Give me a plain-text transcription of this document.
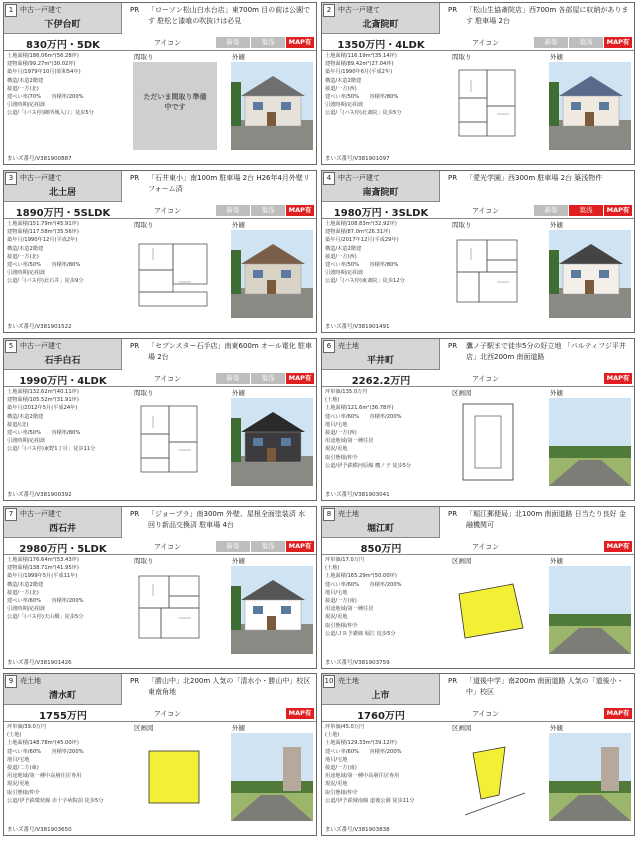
1 中古一戸建て
下伊台町
PR 「ローソン松山白水台店」東700m 目の前は公園です 駐松と漆喰の吹抜けは必見
830万円・5DK	アイコン	新築	築浅	MAP有
土地面積/186.06m²(56.28坪)
建物面積/99.27m²(30.02坪)
築年月/1979年10月(昭和54年)
構造/木造2階建
接道/一方(北)
建ぺい率/70%　　容積率/200%
引渡時期/応相談
公道/「(バス停)御所城入口」徒歩5分
まいズ番号/V381900887
間取り	外観
ただいま間取り準備中です
2 中古一戸建て
北斎院町
PR 「松山生協斎院店」西700m 各部屋に収納があります 駐車場 2台
1350万円・4LDK	アイコン	新築	築浅	MAP有
土地面積/116.19m²(35.14坪)
建物面積/89.42m²(27.04坪)
築年月/1990年6月(平成2年)
構造/木造2階建
接道/一方(西)
建ぺい率/50%　　容積率/80%
引渡時期/応相談
公道/「(バス停)北斎院」徒歩5分
まいズ番号/V381901097
間取り	外観
3 中古一戸建て
北土居
PR 「石井東小」南100m 駐車場 2台 H26年4月外壁リフォーム済
1890万円・5SLDK	アイコン	新築	築浅	MAP有
土地面積/151.79m²(45.91坪)
建物面積/117.58m²(35.56坪)
築年月/1990年12月(平成2年)
構造/木造2階建
接道/一方(北)
建ぺい率/50%　　容積率/80%
引渡時期/応相談
公道/「(バス停)北石井」徒歩9分
まいズ番号/V381901522
間取り	外観
4 中古一戸建て
南斎院町
PR 「愛光学園」西300m 駐車場 2台 築浅物件
1980万円・3SLDK	アイコン	新築	築浅	MAP有
土地面積/108.83m²(32.92坪)
建物面積/87.0m²(26.31坪)
築年月/2017年12月(平成29年)
構造/木造2階建
接道/一方(西)
建ぺい率/50%　　容積率/80%
引渡時期/応相談
公道/「(バス停)東斎院」徒歩12分
まいズ番号/V381901491
間取り	外観
5 中古一戸建て
石手白石
PR 「セブンスター石手店」南東600m オール電化 駐車場 2台
1990万円・4LDK	アイコン	新築	築浅	MAP有
土地面積/132.62m²(40.11坪)
建物面積/105.52m²(31.91坪)
築年月/2012年5月(平成24年)
構造/木造2階建
接道/(北)
建ぺい率/50%　　容積率/80%
引渡時期/応相談
公道/「(バス停)東野1丁目」徒歩11分
まいズ番号/V381900392
間取り	外観
6 売土地
平井町
PR 鷹ノ子駅まで徒歩5分の好立地 「パルティフジ平井店」北西200m 南面道路
2262.2万円	アイコン	MAP有
坪単価/135.0万円
(土地)
土地面積/121.6m²(36.78坪)
建ぺい率/60%　　容積率/200%
地目/宅地
接道/一方(西)
用途地域/第一種住居
現況/更地
取引態様/仲介
公道/伊予鉄横河原線 鷹ノ子 徒歩5分
まいズ番号/V381903041
区画図	外観
7 中古一戸建て
西石井
PR 「ジョープラ」南300m 外壁、屋根全面塗装済 水回り新品交換済 駐車場 4台
2980万円・5LDK	アイコン	新築	築浅	MAP有
土地面積/176.64m²(53.43坪)
建物面積/138.71m²(41.95坪)
築年月/1999年5月(平成11年)
構造/木造2階建
接道/一方(北)
建ぺい率/60%　　容積率/200%
引渡時期/応相談
公道/「(バス停)天山橋」徒歩5分
まいズ番号/V381901426
間取り	外観
8 売土地
堀江町
PR 「堀江郵便局」北100m 南面道路 日当たり良好 金融機関可
850万円	アイコン	MAP有
坪単価/17.0万円
(土地)
土地面積/165.29m²(50.00坪)
建ぺい率/60%　　容積率/200%
地目/宅地
接道/一方(南)
用途地域/第一種住居
現況/更地
取引態様/仲介
公道/ＪＲ予讃線 堀江 徒歩5分
まいズ番号/V381903759
区画図	外観
9 売土地
清水町
PR 「勝山中」北200m 人気の「清水小・勝山中」校区 東南角地
1755万円	アイコン	MAP有
坪単価/39.0万円
(土地)
土地面積/148.78m²(45.00坪)
建ぺい率/60%　　容積率/200%
地目/宅地
接道/二方(東)
用途地域/第一種中高層住居専用
現況/更地
取引態様/仲介
公道/伊予鉄環状線 赤十字病院前 徒歩5分
まいズ番号/V381903650
区画図	外観
10 売土地
上市
PR 「道後中学」南200m 南面道路 人気の「道後小・中」校区
1760万円	アイコン	MAP有
坪単価/45.0万円
(土地)
土地面積/129.33m²(39.12坪)
建ぺい率/60%　　容積率/200%
地目/宅地
接道/一方(南)
用途地域/第一種中高層住居専用
現況/更地
取引態様/仲介
公道/伊予鉄城南線 道後公園 徒歩11分
まいズ番号/V381903838
区画図	外観
